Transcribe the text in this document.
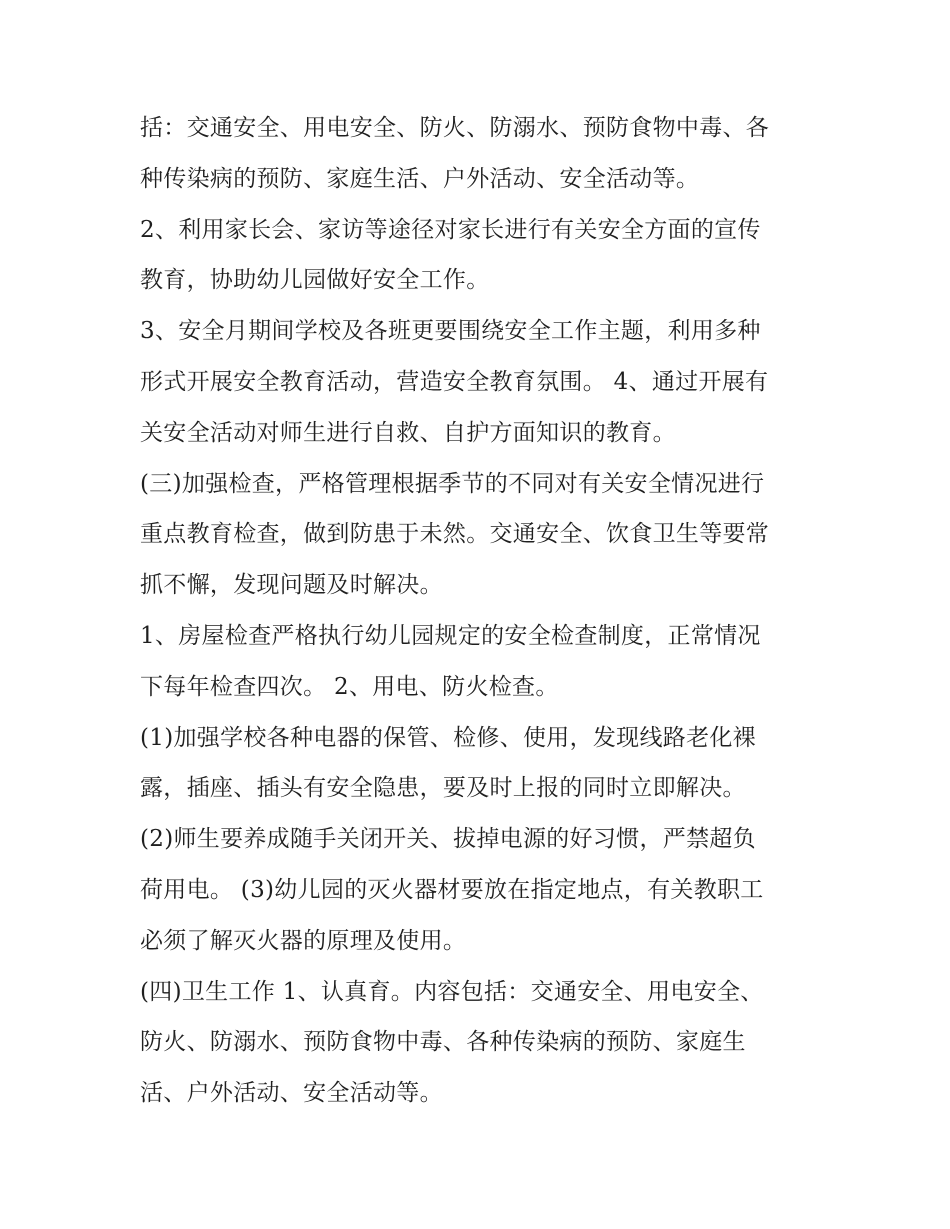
括：交通安全、用电安全、防火、防溺水、预防食物中毒、各
种传染病的预防、家庭生活、户外活动、安全活动等。
2、利用家长会、家访等途径对家长进行有关安全方面的宣传
教育，协助幼儿园做好安全工作。
3、安全月期间学校及各班更要围绕安全工作主题，利用多种
形式开展安全教育活动，营造安全教育氛围。 4、通过开展有
关安全活动对师生进行自救、自护方面知识的教育。
(三)加强检查，严格管理根据季节的不同对有关安全情况进行
重点教育检查，做到防患于未然。交通安全、饮食卫生等要常
抓不懈，发现问题及时解决。
1、房屋检查严格执行幼儿园规定的安全检查制度，正常情况
下每年检查四次。 2、用电、防火检查。
(1)加强学校各种电器的保管、检修、使用，发现线路老化裸
露，插座、插头有安全隐患，要及时上报的同时立即解决。
(2)师生要养成随手关闭开关、拔掉电源的好习惯，严禁超负
荷用电。 (3)幼儿园的灭火器材要放在指定地点，有关教职工
必须了解灭火器的原理及使用。
(四)卫生工作 1、认真育。内容包括：交通安全、用电安全、
防火、防溺水、预防食物中毒、各种传染病的预防、家庭生
活、户外活动、安全活动等。
